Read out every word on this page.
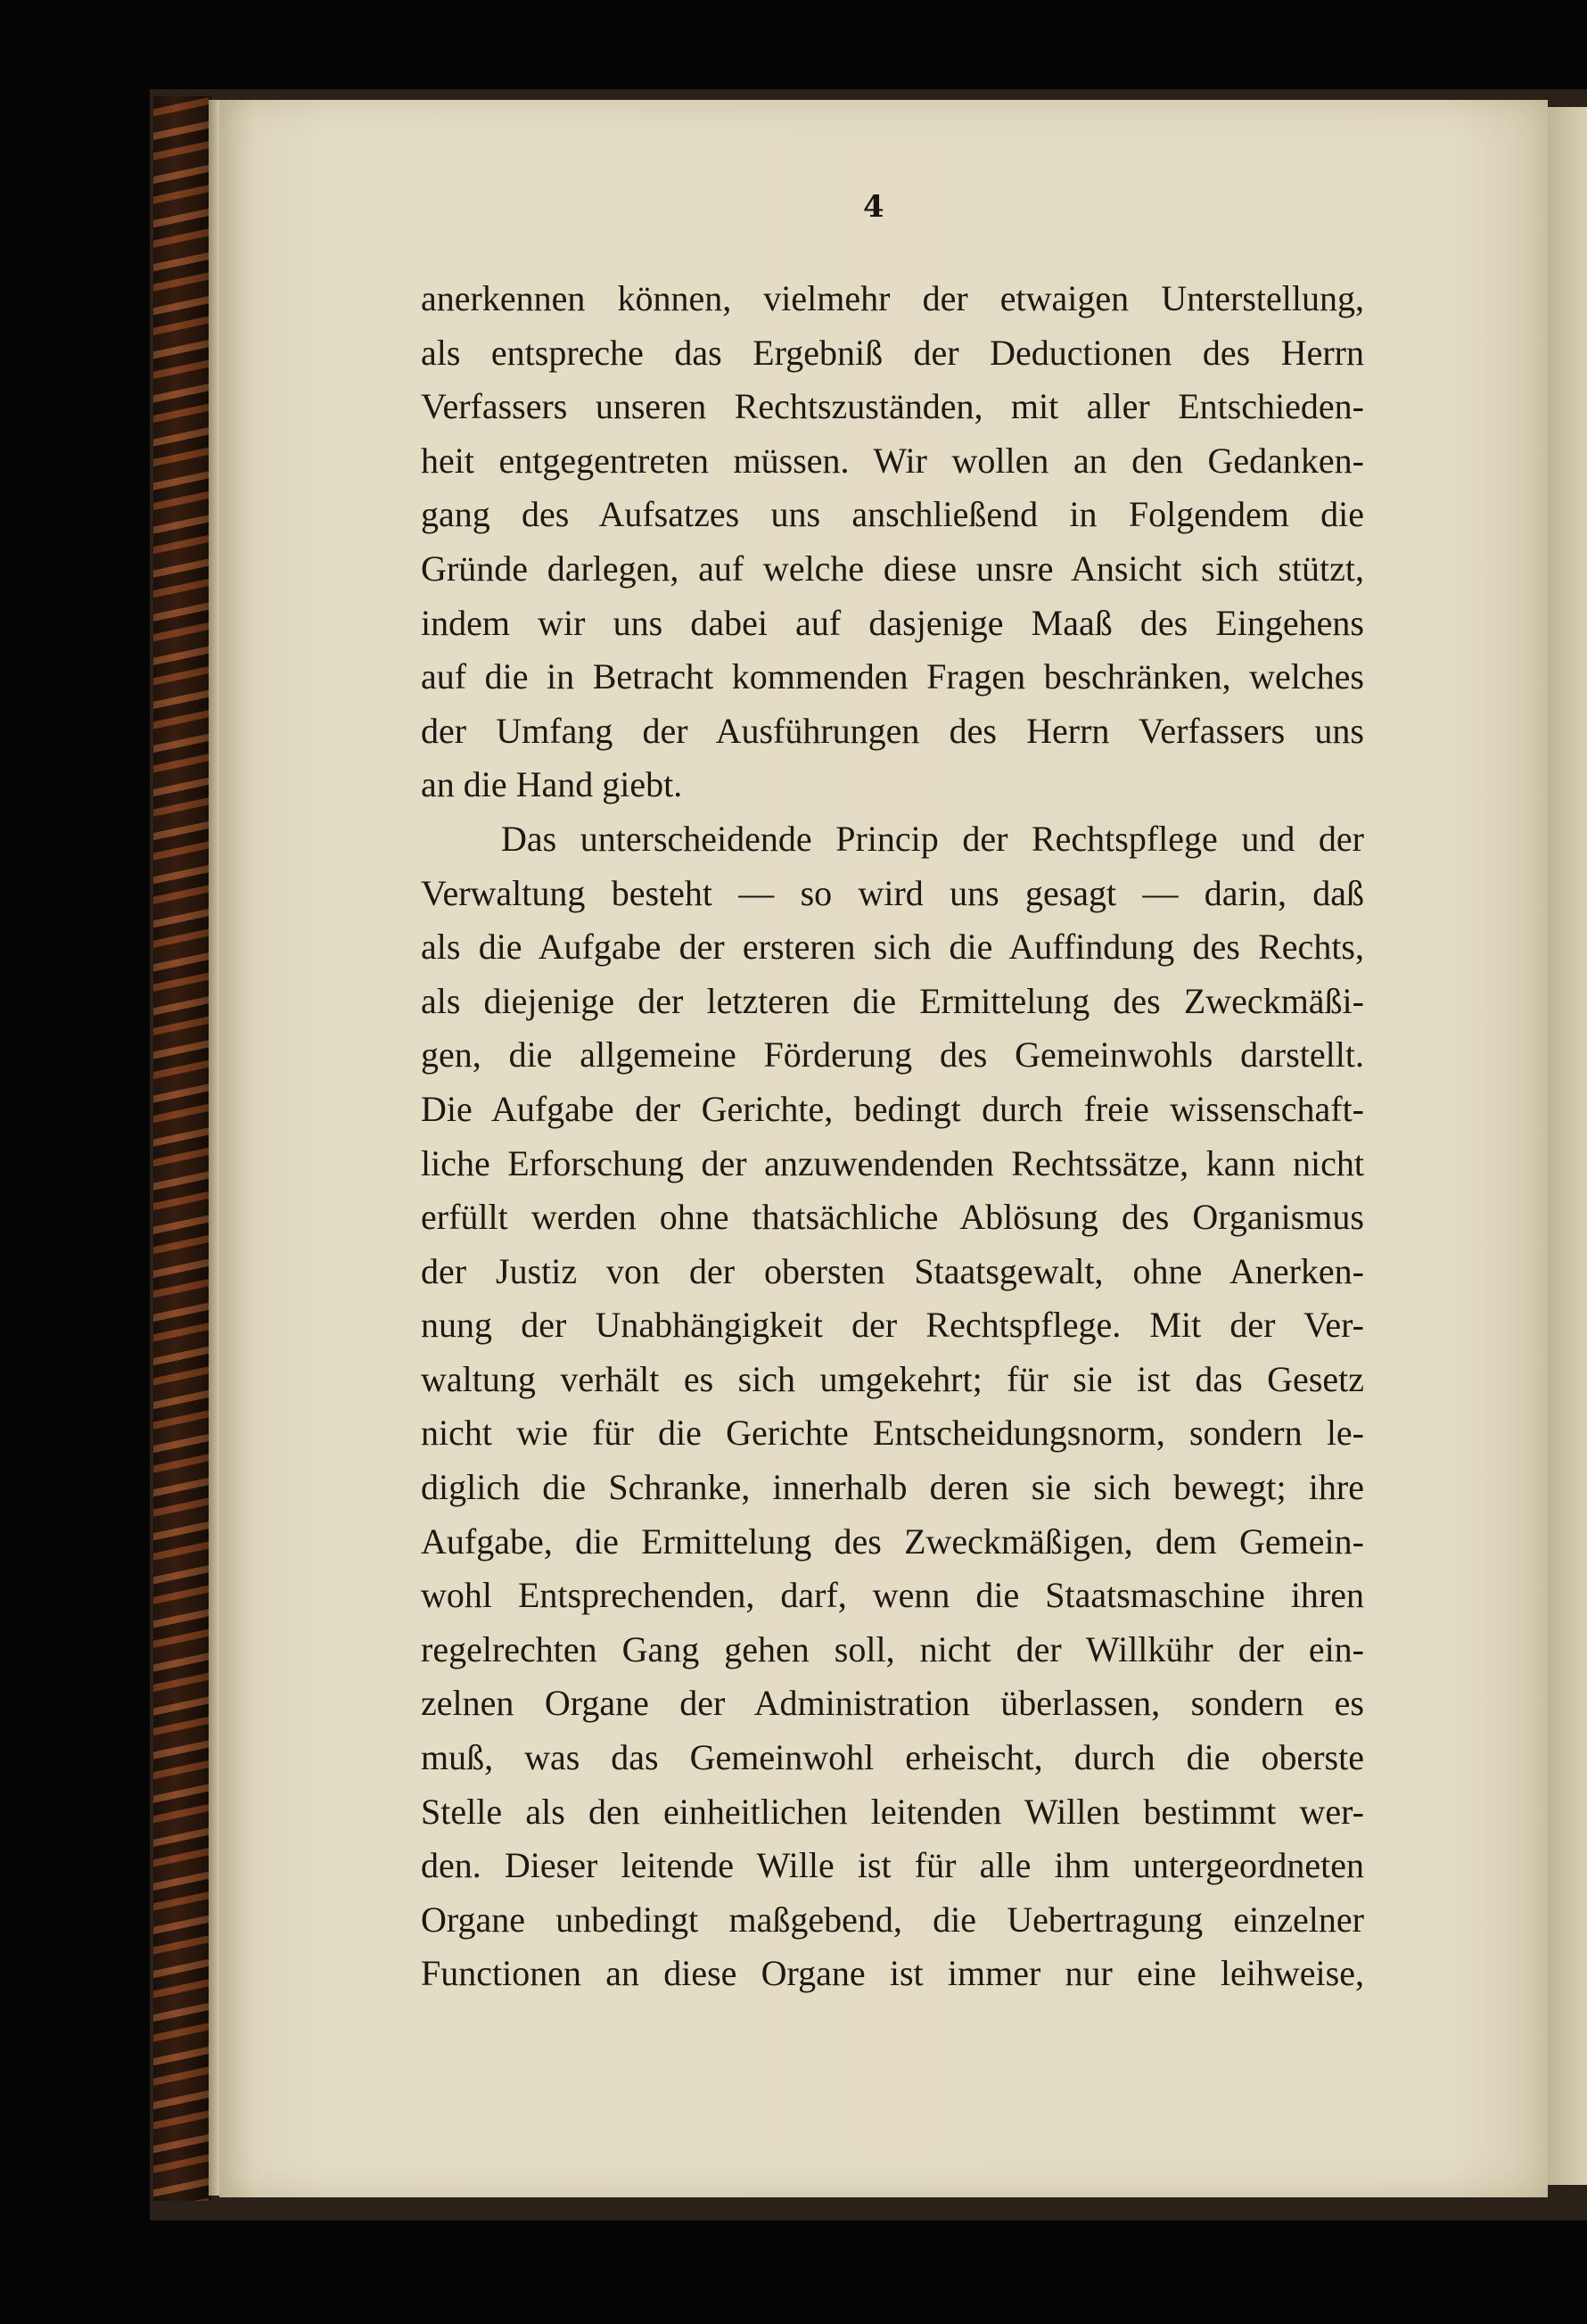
4
anerkennen können, vielmehr der etwaigen Unterstellung,
als entspreche das Ergebniß der Deductionen des Herrn
Verfassers unseren Rechtszuständen, mit aller Entschieden-
heit entgegentreten müssen. Wir wollen an den Gedanken-
gang des Aufsatzes uns anschließend in Folgendem die
Gründe darlegen, auf welche diese unsre Ansicht sich stützt,
indem wir uns dabei auf dasjenige Maaß des Eingehens
auf die in Betracht kommenden Fragen beschränken, welches
der Umfang der Ausführungen des Herrn Verfassers uns
an die Hand giebt.
Das unterscheidende Princip der Rechtspflege und der
Verwaltung besteht — so wird uns gesagt — darin, daß
als die Aufgabe der ersteren sich die Auffindung des Rechts,
als diejenige der letzteren die Ermittelung des Zweckmäßi-
gen, die allgemeine Förderung des Gemeinwohls darstellt.
Die Aufgabe der Gerichte, bedingt durch freie wissenschaft-
liche Erforschung der anzuwendenden Rechtssätze, kann nicht
erfüllt werden ohne thatsächliche Ablösung des Organismus
der Justiz von der obersten Staatsgewalt, ohne Anerken-
nung der Unabhängigkeit der Rechtspflege. Mit der Ver-
waltung verhält es sich umgekehrt; für sie ist das Gesetz
nicht wie für die Gerichte Entscheidungsnorm, sondern le-
diglich die Schranke, innerhalb deren sie sich bewegt; ihre
Aufgabe, die Ermittelung des Zweckmäßigen, dem Gemein-
wohl Entsprechenden, darf, wenn die Staatsmaschine ihren
regelrechten Gang gehen soll, nicht der Willkühr der ein-
zelnen Organe der Administration überlassen, sondern es
muß, was das Gemeinwohl erheischt, durch die oberste
Stelle als den einheitlichen leitenden Willen bestimmt wer-
den. Dieser leitende Wille ist für alle ihm untergeordneten
Organe unbedingt maßgebend, die Uebertragung einzelner
Functionen an diese Organe ist immer nur eine leihweise,
